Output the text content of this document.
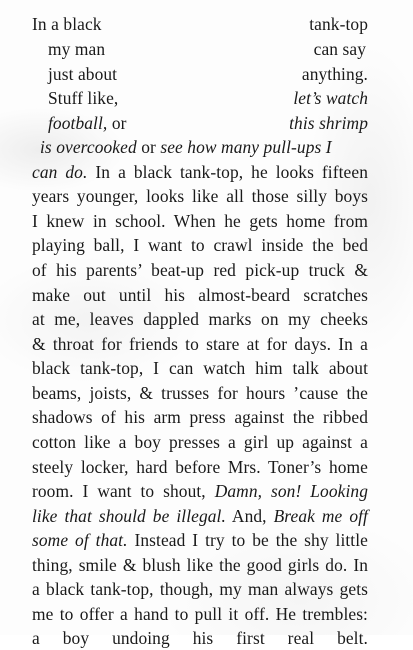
In a black	tank-top
my man	can say
just about	anything.
Stuff like,	let’s watch
football, or	this shrimp
is overcooked or see how many pull-ups I
can do. In a black tank-top, he looks fifteen
years younger, looks like all those silly boys
I knew in school. When he gets home from
playing ball, I want to crawl inside the bed
of his parents’ beat-up red pick-up truck &
make out until his almost-beard scratches
at me, leaves dappled marks on my cheeks
& throat for friends to stare at for days. In a
black tank-top, I can watch him talk about
beams, joists, & trusses for hours ’cause the
shadows of his arm press against the ribbed
cotton like a boy presses a girl up against a
steely locker, hard before Mrs. Toner’s home
room. I want to shout, Damn, son! Looking
like that should be illegal. And, Break me off
some of that. Instead I try to be the shy little
thing, smile & blush like the good girls do. In
a black tank-top, though, my man always gets
me to offer a hand to pull it off. He trembles:
a boy undoing his first real belt.
